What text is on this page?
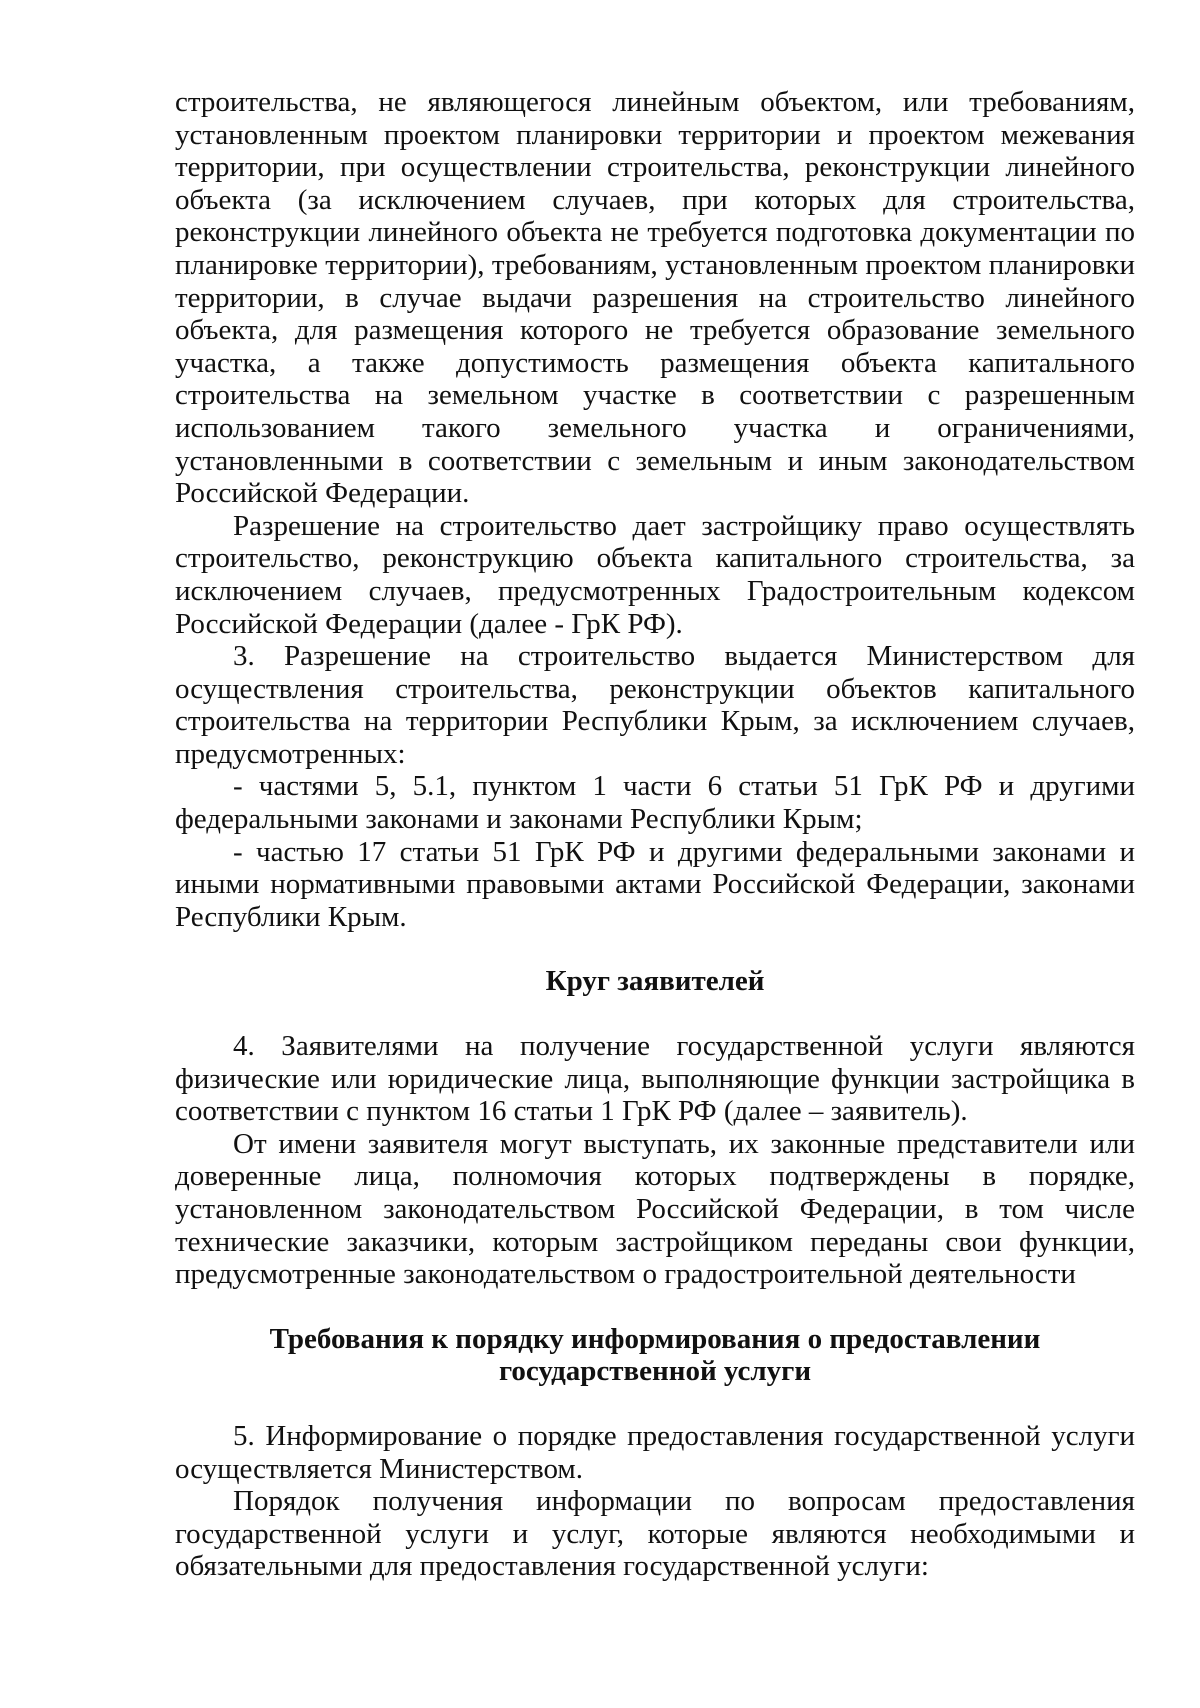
строительства, не являющегося линейным объектом, или требованиям, установленным проектом планировки территории и проектом межевания территории, при осуществлении строительства, реконструкции линейного объекта (за исключением случаев, при которых для строительства, реконструкции линейного объекта не требуется подготовка документации по планировке территории), требованиям, установленным проектом планировки территории, в случае выдачи разрешения на строительство линейного объекта, для размещения которого не требуется образование земельного участка, а также допустимость размещения объекта капитального строительства на земельном участке в соответствии с разрешенным использованием такого земельного участка и ограничениями, установленными в соответствии с земельным и иным законодательством Российской Федерации.

Разрешение на строительство дает застройщику право осуществлять строительство, реконструкцию объекта капитального строительства, за исключением случаев, предусмотренных Градостроительным кодексом Российской Федерации (далее - ГрК РФ).

3. Разрешение на строительство выдается Министерством для осуществления строительства, реконструкции объектов капитального строительства на территории Республики Крым, за исключением случаев, предусмотренных:

- частями 5, 5.1, пунктом 1 части 6 статьи 51 ГрК РФ и другими федеральными законами и законами Республики Крым;

- частью 17 статьи 51 ГрК РФ и другими федеральными законами и иными нормативными правовыми актами Российской Федерации, законами Республики Крым.

Круг заявителей

4. Заявителями на получение государственной услуги являются физические или юридические лица, выполняющие функции застройщика в соответствии с пунктом 16 статьи 1 ГрК РФ (далее – заявитель).

От имени заявителя могут выступать, их законные представители или доверенные лица, полномочия которых подтверждены в порядке, установленном законодательством Российской Федерации, в том числе технические заказчики, которым застройщиком переданы свои функции, предусмотренные законодательством о градостроительной деятельности

Требования к порядку информирования о предоставлении

государственной услуги

5. Информирование о порядке предоставления государственной услуги осуществляется Министерством.

Порядок получения информации по вопросам предоставления государственной услуги и услуг, которые являются необходимыми и обязательными для предоставления государственной услуги:
